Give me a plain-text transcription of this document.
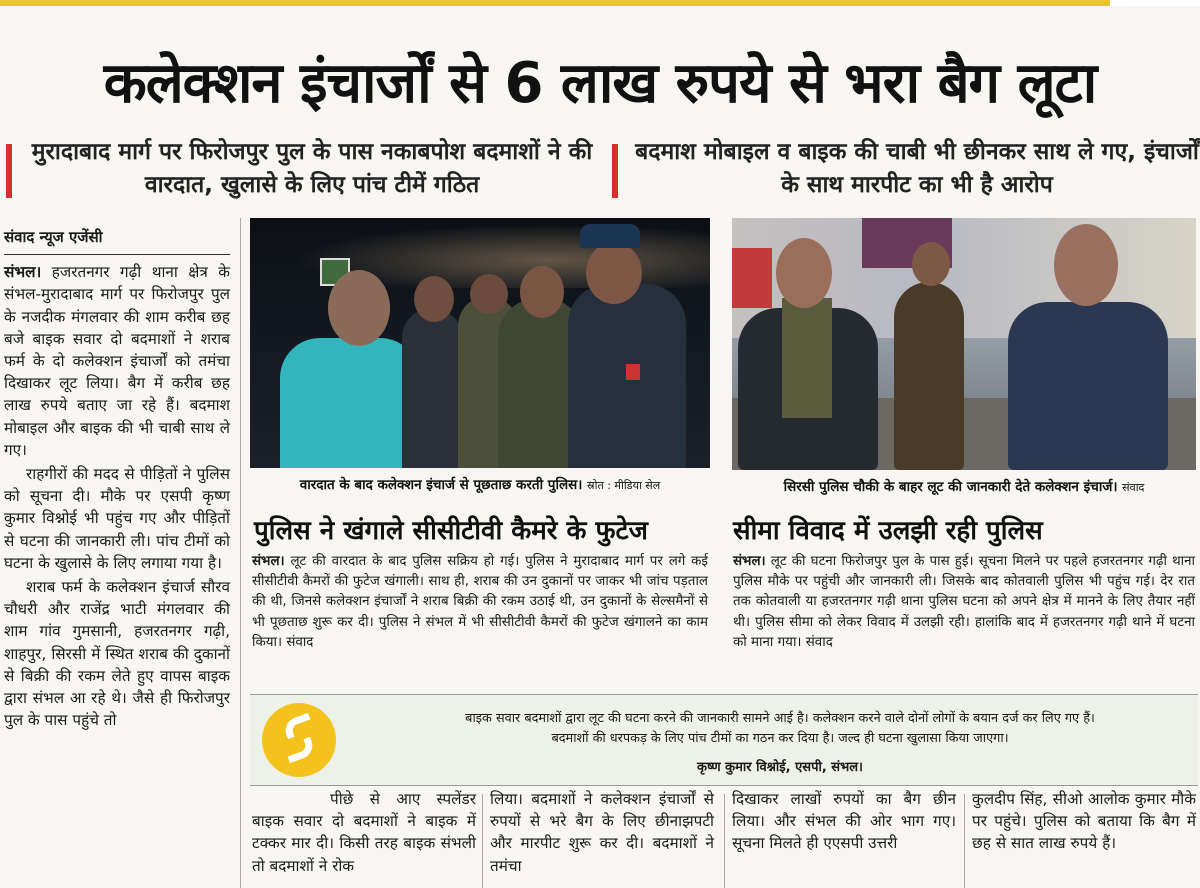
कलेक्शन इंचार्जों से 6 लाख रुपये से भरा बैग लूटा
मुरादाबाद मार्ग पर फिरोजपुर पुल के पास नकाबपोश बदमाशों ने की वारदात, खुलासे के लिए पांच टीमें गठित
बदमाश मोबाइल व बाइक की चाबी भी छीनकर साथ ले गए, इंचार्जों के साथ मारपीट का भी है आरोप
संवाद न्यूज एजेंसी

संभल। हजरतनगर गढ़ी थाना क्षेत्र के संभल-मुरादाबाद मार्ग पर फिरोजपुर पुल के नजदीक मंगलवार की शाम करीब छह बजे बाइक सवार दो बदमाशों ने शराब फर्म के दो कलेक्शन इंचार्जों को तमंचा दिखाकर लूट लिया। बैग में करीब छह लाख रुपये बताए जा रहे हैं। बदमाश मोबाइल और बाइक की भी चाबी साथ ले गए।

राहगीरों की मदद से पीड़ितों ने पुलिस को सूचना दी। मौके पर एसपी कृष्ण कुमार विश्नोई भी पहुंच गए और पीड़ितों से घटना की जानकारी ली। पांच टीमों को घटना के खुलासे के लिए लगाया गया है।

शराब फर्म के कलेक्शन इंचार्ज सौरव चौधरी और राजेंद्र भाटी मंगलवार की शाम गांव गुमसानी, हजरतनगर गढ़ी, शाहपुर, सिरसी में स्थित शराब की दुकानों से बिक्री की रकम लेते हुए वापस बाइक द्वारा संभल आ रहे थे। जैसे ही फिरोजपुर पुल के पास पहुंचे तो

वारदात के बाद कलेक्शन इंचार्ज से पूछताछ करती पुलिस। स्रोत : मीडिया सेल	सिरसी पुलिस चौकी के बाहर लूट की जानकारी देते कलेक्शन इंचार्ज। संवाद
पुलिस ने खंगाले सीसीटीवी कैमरे के फुटेज	सीमा विवाद में उलझी रही पुलिस
संभल। लूट की वारदात के बाद पुलिस सक्रिय हो गई। पुलिस ने मुरादाबाद मार्ग पर लगे कई सीसीटीवी कैमरों की फुटेज खंगाली। साथ ही, शराब की उन दुकानों पर जाकर भी जांच पड़ताल की थी, जिनसे कलेक्शन इंचार्जों ने शराब बिक्री की रकम उठाई थी, उन दुकानों के सेल्समैनों से भी पूछताछ शुरू कर दी। पुलिस ने संभल में भी सीसीटीवी कैमरों की फुटेज खंगालने का काम किया। संवाद
संभल। लूट की घटना फिरोजपुर पुल के पास हुई। सूचना मिलने पर पहले हजरतनगर गढ़ी थाना पुलिस मौके पर पहुंची और जानकारी ली। जिसके बाद कोतवाली पुलिस भी पहुंच गई। देर रात तक कोतवाली या हजरतनगर गढ़ी थाना पुलिस घटना को अपने क्षेत्र में मानने के लिए तैयार नहीं थी। पुलिस सीमा को लेकर विवाद में उलझी रही। हालांकि बाद में हजरतनगर गढ़ी थाने में घटना को माना गया। संवाद
बाइक सवार बदमाशों द्वारा लूट की घटना करने की जानकारी सामने आई है। कलेक्शन करने वाले दोनों लोगों के बयान दर्ज कर लिए गए हैं।
बदमाशों की धरपकड़ के लिए पांच टीमों का गठन कर दिया है। जल्द ही घटना खुलासा किया जाएगा।
कृष्ण कुमार विश्नोई, एसपी, संभल।
पीछे से आए स्पलेंडर बाइक सवार दो बदमाशों ने बाइक में टक्कर मार दी। किसी तरह बाइक संभली तो बदमाशों ने रोक
लिया। बदमाशों ने कलेक्शन इंचार्जों से रुपयों से भरे बैग के लिए छीनाझपटी और मारपीट शुरू कर दी। बदमाशों ने तमंचा
दिखाकर लाखों रुपयों का बैग छीन लिया। और संभल की ओर भाग गए। सूचना मिलते ही एएसपी उत्तरी
कुलदीप सिंह, सीओ आलोक कुमार मौके पर पहुंचे। पुलिस को बताया कि बैग में छह से सात लाख रुपये हैं।
